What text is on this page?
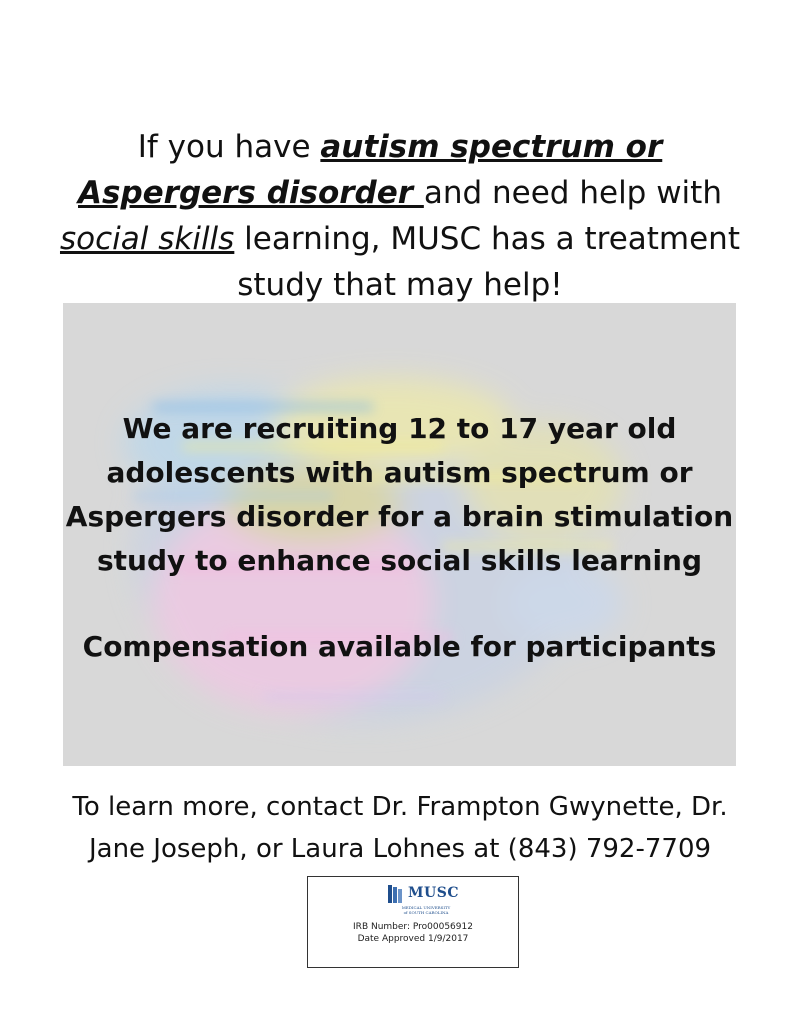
If you have autism spectrum or Aspergers disorder and need help with social skills learning, MUSC has a treatment study that may help!

We are recruiting 12 to 17 year old adolescents with autism spectrum or Aspergers disorder for a brain stimulation study to enhance social skills learning

Compensation available for participants

To learn more, contact Dr. Frampton Gwynette, Dr.
Jane Joseph, or Laura Lohnes at (843) 792-7709
MUSC
MEDICAL UNIVERSITY
of SOUTH CAROLINA
IRB Number: Pro00056912
Date Approved 1/9/2017
